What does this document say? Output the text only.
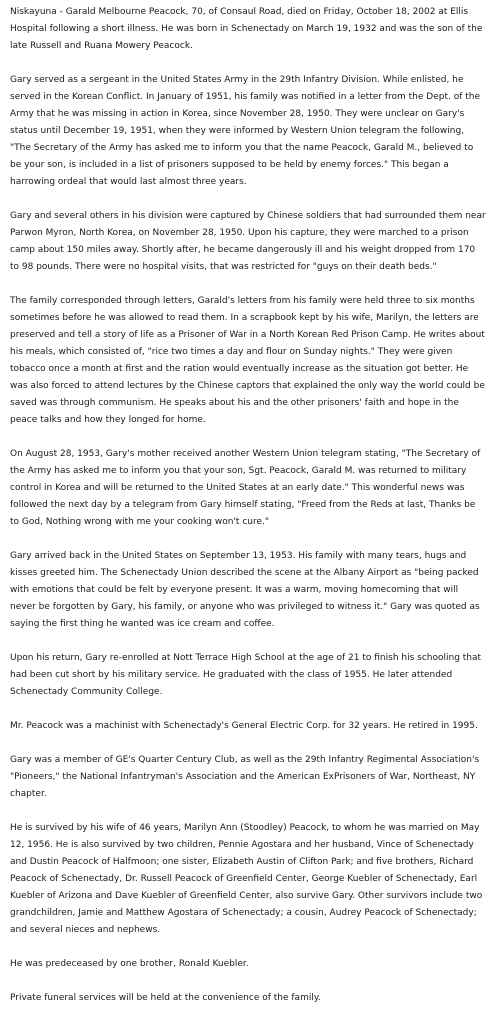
Niskayuna - Garald Melbourne Peacock, 70, of Consaul Road, died on Friday, October 18, 2002 at Ellis Hospital following a short illness. He was born in Schenectady on March 19, 1932 and was the son of the late Russell and Ruana Mowery Peacock.

Gary served as a sergeant in the United States Army in the 29th Infantry Division. While enlisted, he served in the Korean Conflict. In January of 1951, his family was notified in a letter from the Dept. of the Army that he was missing in action in Korea, since November 28, 1950. They were unclear on Gary's status until December 19, 1951, when they were informed by Western Union telegram the following, "The Secretary of the Army has asked me to inform you that the name Peacock, Garald M., believed to be your son, is included in a list of prisoners supposed to be held by enemy forces." This began a harrowing ordeal that would last almost three years.

Gary and several others in his division were captured by Chinese soldiers that had surrounded them near Parwon Myron, North Korea, on November 28, 1950. Upon his capture, they were marched to a prison camp about 150 miles away. Shortly after, he became dangerously ill and his weight dropped from 170 to 98 pounds. There were no hospital visits, that was restricted for "guys on their death beds."

The family corresponded through letters, Garald's letters from his family were held three to six months sometimes before he was allowed to read them. In a scrapbook kept by his wife, Marilyn, the letters are preserved and tell a story of life as a Prisoner of War in a North Korean Red Prison Camp. He writes about his meals, which consisted of, "rice two times a day and flour on Sunday nights." They were given tobacco once a month at first and the ration would eventually increase as the situation got better. He was also forced to attend lectures by the Chinese captors that explained the only way the world could be saved was through communism. He speaks about his and the other prisoners' faith and hope in the peace talks and how they longed for home.

On August 28, 1953, Gary's mother received another Western Union telegram stating, "The Secretary of the Army has asked me to inform you that your son, Sgt. Peacock, Garald M. was returned to military control in Korea and will be returned to the United States at an early date." This wonderful news was followed the next day by a telegram from Gary himself stating, "Freed from the Reds at last, Thanks be to God, Nothing wrong with me your cooking won't cure."

Gary arrived back in the United States on September 13, 1953. His family with many tears, hugs and kisses greeted him. The Schenectady Union described the scene at the Albany Airport as "being packed with emotions that could be felt by everyone present. It was a warm, moving homecoming that will never be forgotten by Gary, his family, or anyone who was privileged to witness it." Gary was quoted as saying the first thing he wanted was ice cream and coffee.

Upon his return, Gary re-enrolled at Nott Terrace High School at the age of 21 to finish his schooling that had been cut short by his military service. He graduated with the class of 1955. He later attended Schenectady Community College.

Mr. Peacock was a machinist with Schenectady's General Electric Corp. for 32 years. He retired in 1995.

Gary was a member of GE's Quarter Century Club, as well as the 29th Infantry Regimental Association's "Pioneers," the National Infantryman's Association and the American ExPrisoners of War, Northeast, NY chapter.

He is survived by his wife of 46 years, Marilyn Ann (Stoodley) Peacock, to whom he was married on May 12, 1956. He is also survived by two children, Pennie Agostara and her husband, Vince of Schenectady and Dustin Peacock of Halfmoon; one sister, Elizabeth Austin of Clifton Park; and five brothers, Richard Peacock of Schenectady, Dr. Russell Peacock of Greenfield Center, George Kuebler of Schenectady, Earl Kuebler of Arizona and Dave Kuebler of Greenfield Center, also survive Gary. Other survivors include two grandchildren, Jamie and Matthew Agostara of Schenectady; a cousin, Audrey Peacock of Schenectady; and several nieces and nephews.

He was predeceased by one brother, Ronald Kuebler.

Private funeral services will be held at the convenience of the family.
